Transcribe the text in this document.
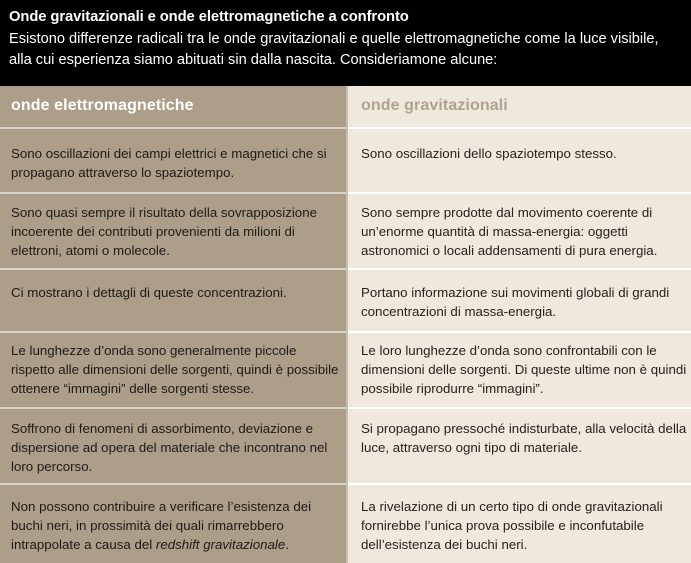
Onde gravitazionali e onde elettromagnetiche a confronto

Esistono differenze radicali tra le onde gravitazionali e quelle elettromagnetiche come la luce visibile, alla cui esperienza siamo abituati sin dalla nascita. Consideriamone alcune:

onde elettromagnetiche	onde gravitazionali
Sono oscillazioni dei campi elettrici e magnetici che si propagano attraverso lo spaziotempo.
Sono oscillazioni dello spaziotempo stesso.
Sono quasi sempre il risultato della sovrapposizione incoerente dei contributi provenienti da milioni di elettroni, atomi o molecole.
Sono sempre prodotte dal movimento coerente di un’enorme quantità di massa-energia: oggetti astronomici o locali addensamenti di pura energia.
Ci mostrano i dettagli di queste concentrazioni.	Portano informazione sui movimenti globali di grandi concentrazioni di massa-energia.
Le lunghezze d’onda sono generalmente piccole rispetto alle dimensioni delle sorgenti, quindi è possibile ottenere “immagini” delle sorgenti stesse.
Le loro lunghezze d’onda sono confrontabili con le dimensioni delle sorgenti. Di queste ultime non è quindi possibile riprodurre “immagini”.
Soffrono di fenomeni di assorbimento, deviazione e dispersione ad opera del materiale che incontrano nel loro percorso.
Si propagano pressoché indisturbate, alla velocità della luce, attraverso ogni tipo di materiale.
Non possono contribuire a verificare l’esistenza dei buchi neri, in prossimità dei quali rimarrebbero intrappolate a causa del redshift gravitazionale.
La rivelazione di un certo tipo di onde gravitazionali fornirebbe l’unica prova possibile e inconfutabile dell’esistenza dei buchi neri.
